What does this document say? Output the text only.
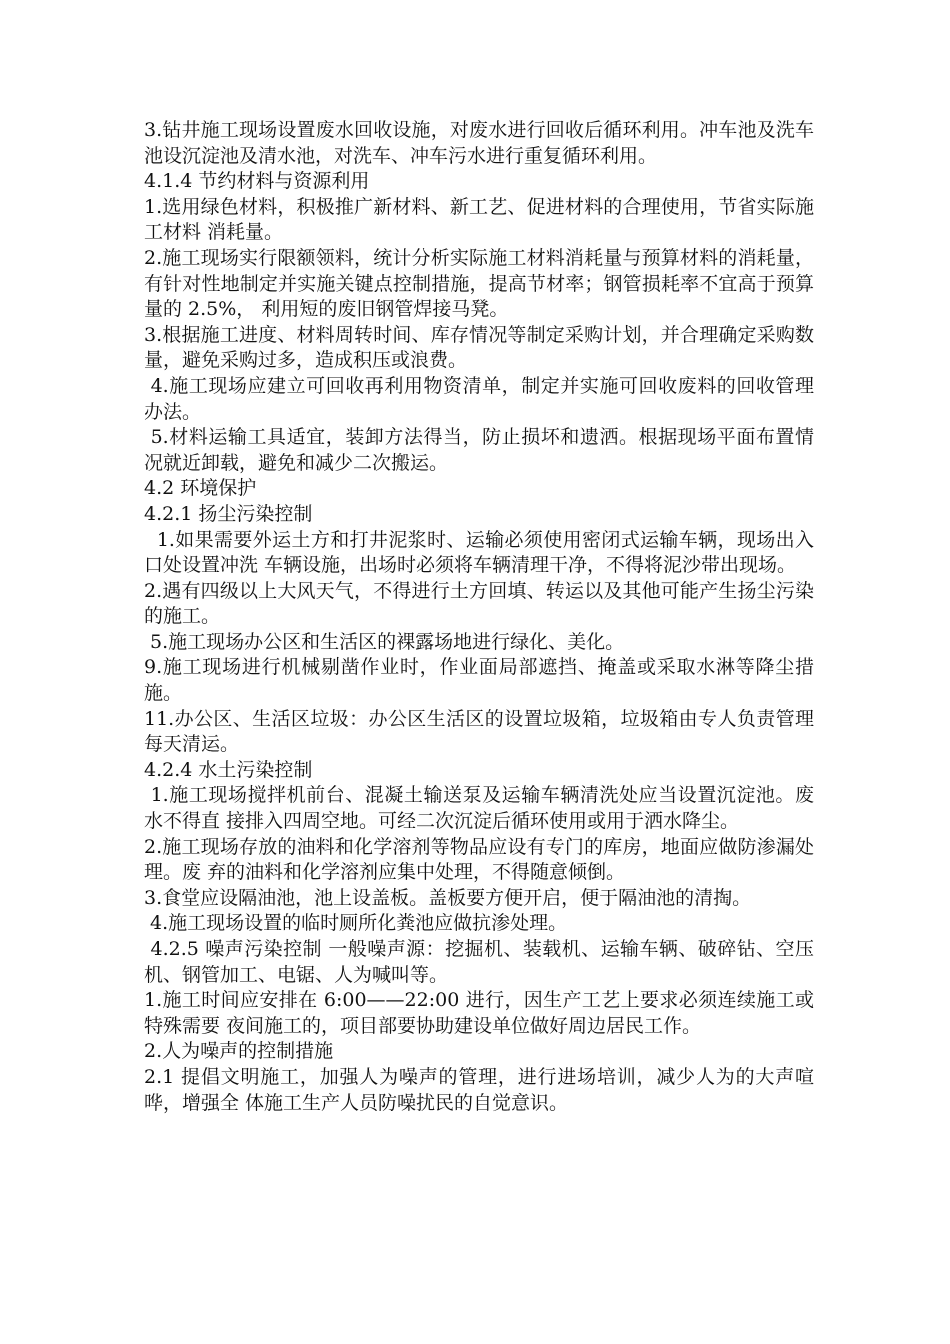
3.钻井施工现场设置废水回收设施，对废水进行回收后循环利用。冲车池及洗车池设沉淀池及清水池，对洗车、冲车污水进行重复循环利用。

4.1.4 节约材料与资源利用

1.选用绿色材料，积极推广新材料、新工艺、促进材料的合理使用，节省实际施工材料 消耗量。

2.施工现场实行限额领料，统计分析实际施工材料消耗量与预算材料的消耗量，有针对性地制定并实施关键点控制措施，提高节材率；钢管损耗率不宜高于预算量的 2.5%， 利用短的废旧钢管焊接马凳。

3.根据施工进度、材料周转时间、库存情况等制定采购计划，并合理确定采购数量，避免采购过多，造成积压或浪费。

4.施工现场应建立可回收再利用物资清单，制定并实施可回收废料的回收管理办法。

5.材料运输工具适宜，装卸方法得当，防止损坏和遗洒。根据现场平面布置情况就近卸载，避免和减少二次搬运。

4.2 环境保护

4.2.1 扬尘污染控制

1.如果需要外运土方和打井泥浆时、运输必须使用密闭式运输车辆，现场出入口处设置冲洗 车辆设施，出场时必须将车辆清理干净，不得将泥沙带出现场。

2.遇有四级以上大风天气，不得进行土方回填、转运以及其他可能产生扬尘污染的施工。

5.施工现场办公区和生活区的裸露场地进行绿化、美化。

9.施工现场进行机械剔凿作业时，作业面局部遮挡、掩盖或采取水淋等降尘措施。

11.办公区、生活区垃圾：办公区生活区的设置垃圾箱，垃圾箱由专人负责管理每天清运。

4.2.4 水土污染控制

1.施工现场搅拌机前台、混凝土输送泵及运输车辆清洗处应当设置沉淀池。废水不得直 接排入四周空地。可经二次沉淀后循环使用或用于洒水降尘。

2.施工现场存放的油料和化学溶剂等物品应设有专门的库房，地面应做防渗漏处理。废 弃的油料和化学溶剂应集中处理，不得随意倾倒。

3.食堂应设隔油池，池上设盖板。盖板要方便开启，便于隔油池的清掏。

4.施工现场设置的临时厕所化粪池应做抗渗处理。

4.2.5 噪声污染控制 一般噪声源：挖掘机、装载机、运输车辆、破碎钻、空压机、钢管加工、电锯、人为喊叫等。

1.施工时间应安排在 6:00——22:00 进行，因生产工艺上要求必须连续施工或特殊需要 夜间施工的，项目部要协助建设单位做好周边居民工作。

2.人为噪声的控制措施

2.1 提倡文明施工，加强人为噪声的管理，进行进场培训，减少人为的大声喧哗，增强全 体施工生产人员防噪扰民的自觉意识。
